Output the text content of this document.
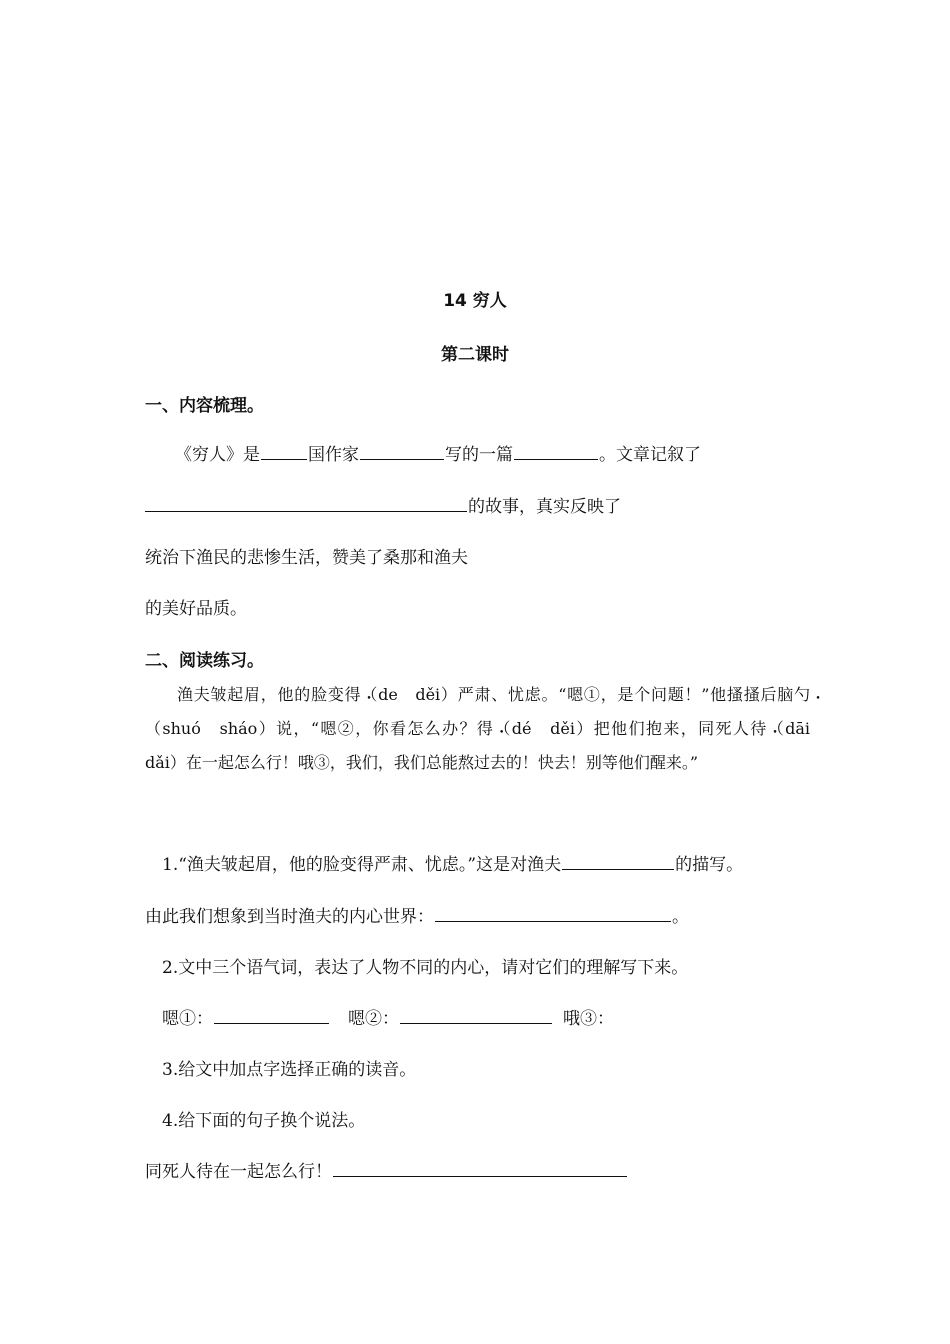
14 穷人
第二课时
一、内容梳理。
《穷人》是	国作家	写的一篇	。文章记叙了
的故事，真实反映了
统治下渔民的悲惨生活，赞美了桑那和渔夫
的美好品质。
二、阅读练习。

渔夫皱起眉，他的脸变得 •（de　děi）严肃、忧虑。“嗯①，是个问题！”他搔搔后脑勺 •（shuó　sháo）说，“嗯②，你看怎么办？得 •（dé　děi）把他们抱来，同死人待 •（dāi　dǎi）在一起怎么行！哦③，我们，我们总能熬过去的！快去！别等他们醒来。”

1.“渔夫皱起眉，他的脸变得严肃、忧虑。”这是对渔夫	的描写。
由此我们想象到当时渔夫的内心世界：	。
2.文中三个语气词，表达了人物不同的内心，请对它们的理解写下来。
嗯①：	嗯②：	哦③：
3.给文中加点字选择正确的读音。
4.给下面的句子换个说法。
同死人待在一起怎么行！
